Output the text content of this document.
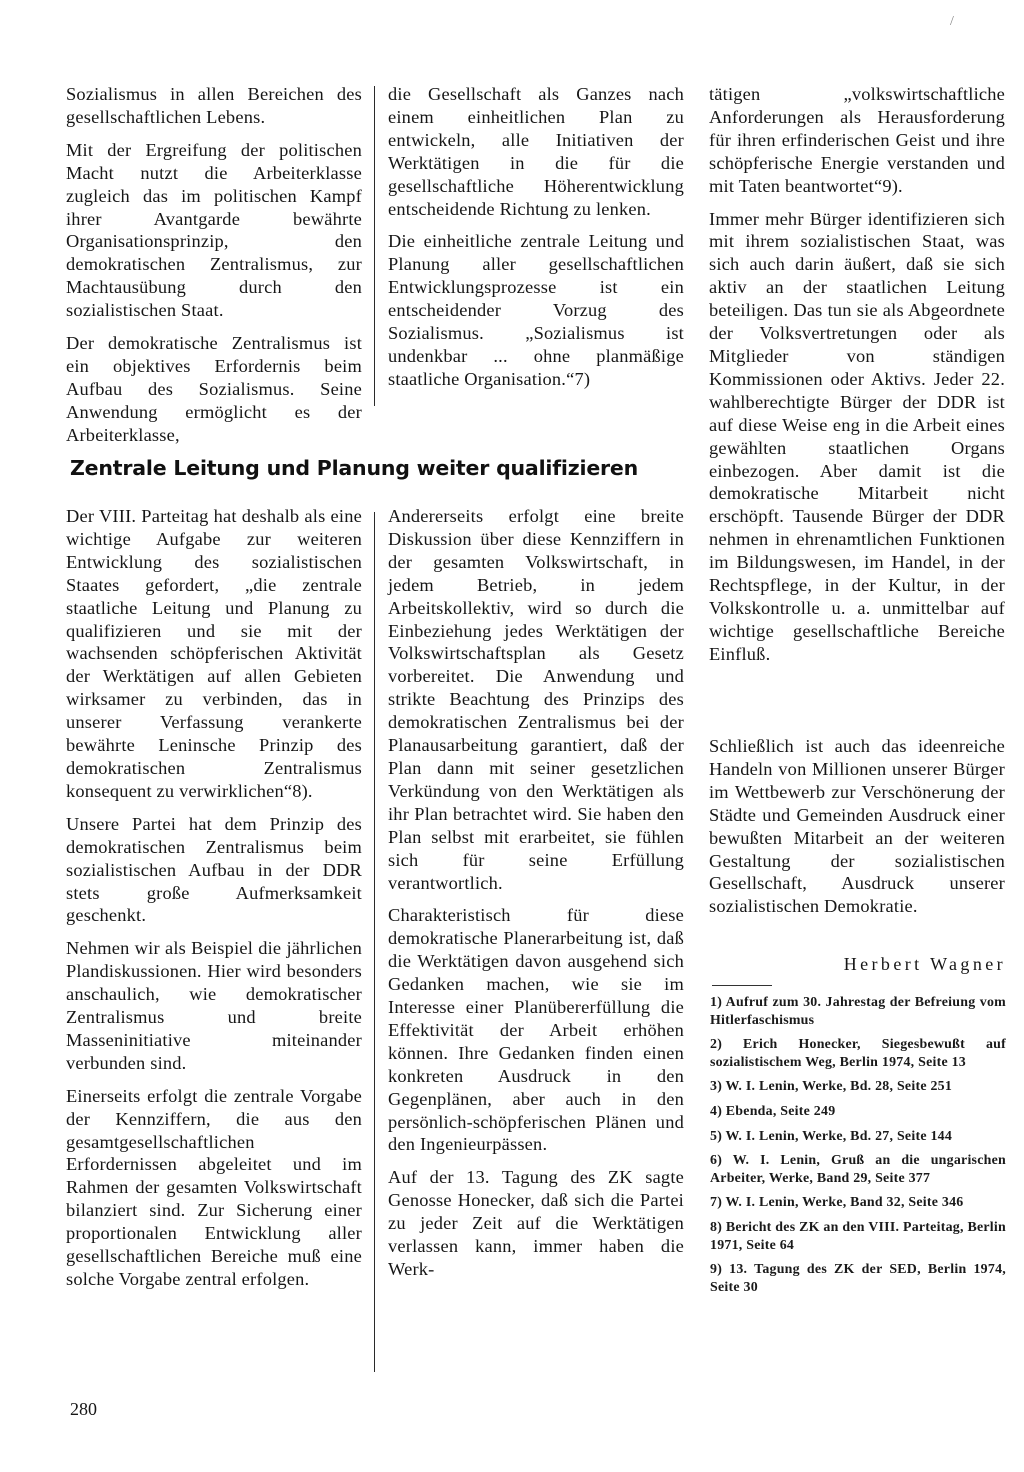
/

Sozialismus in allen Bereichen des gesellschaftlichen Lebens.

Mit der Ergreifung der politischen Macht nutzt die Arbeiterklasse zugleich das im politischen Kampf ihrer Avantgarde bewährte Organisationsprinzip, den demokratischen Zentralismus, zur Machtausübung durch den sozialistischen Staat.

Der demokratische Zentralismus ist ein objektives Erfordernis beim Aufbau des Sozialismus. Seine Anwendung ermöglicht es der Arbeiterklasse,

die Gesellschaft als Ganzes nach einem einheitlichen Plan zu entwickeln, alle Initiativen der Werktätigen in die für die gesellschaftliche Höherentwicklung entscheidende Richtung zu lenken.

Die einheitliche zentrale Leitung und Planung aller gesellschaftlichen Entwicklungsprozesse ist ein entscheidender Vorzug des Sozialismus. „Sozialismus ist undenkbar ... ohne planmäßige staatliche Organisation.“7)

tätigen „volkswirtschaftliche Anforderungen als Herausforderung für ihren erfinderischen Geist und ihre schöpferische Energie verstanden und mit Taten beantwortet“9).

Immer mehr Bürger identifizieren sich mit ihrem sozialistischen Staat, was sich auch darin äußert, daß sie sich aktiv an der staatlichen Leitung beteiligen. Das tun sie als Abgeordnete der Volksvertretungen oder als Mitglieder von ständigen Kommissionen oder Aktivs. Jeder 22. wahlberechtigte Bürger der DDR ist auf diese Weise eng in die Arbeit eines gewählten staatlichen Organs einbezogen. Aber damit ist die demokratische Mitarbeit nicht erschöpft. Tausende Bürger der DDR nehmen in ehrenamtlichen Funktionen im Bildungswesen, im Handel, in der Rechtspflege, in der Kultur, in der Volkskontrolle u. a. unmittelbar auf wichtige gesellschaftliche Bereiche Einfluß.

Zentrale Leitung und Planung weiter qualifizieren

Der VIII. Parteitag hat deshalb als eine wichtige Aufgabe zur weiteren Entwicklung des sozialistischen Staates gefordert, „die zentrale staatliche Leitung und Planung zu qualifizieren und sie mit der wachsenden schöpferischen Aktivität der Werktätigen auf allen Gebieten wirksamer zu verbinden, das in unserer Verfassung verankerte bewährte Leninsche Prinzip des demokratischen Zentralismus konsequent zu verwirklichen“8).

Unsere Partei hat dem Prinzip des demokratischen Zentralismus beim sozialistischen Aufbau in der DDR stets große Aufmerksamkeit geschenkt.

Nehmen wir als Beispiel die jährlichen Plandiskussionen. Hier wird besonders anschaulich, wie demokratischer Zentralismus und breite Masseninitiative miteinander verbunden sind.

Einerseits erfolgt die zentrale Vorgabe der Kennziffern, die aus den gesamtgesellschaftlichen Erfordernissen abgeleitet und im Rahmen der gesamten Volkswirtschaft bilanziert sind. Zur Sicherung einer proportionalen Entwicklung aller gesellschaftlichen Bereiche muß eine solche Vorgabe zentral erfolgen.

Andererseits erfolgt eine breite Diskussion über diese Kennziffern in der gesamten Volkswirtschaft, in jedem Betrieb, in jedem Arbeitskollektiv, wird so durch die Einbeziehung jedes Werktätigen der Volkswirtschaftsplan als Gesetz vorbereitet. Die Anwendung und strikte Beachtung des Prinzips des demokratischen Zentralismus bei der Planausarbeitung garantiert, daß der Plan dann mit seiner gesetzlichen Verkündung von den Werktätigen als ihr Plan betrachtet wird. Sie haben den Plan selbst mit erarbeitet, sie fühlen sich für seine Erfüllung verantwortlich.

Charakteristisch für diese demokratische Planerarbeitung ist, daß die Werktätigen davon ausgehend sich Gedanken machen, wie sie im Interesse einer Planübererfüllung die Effektivität der Arbeit erhöhen können. Ihre Gedanken finden einen konkreten Ausdruck in den Gegenplänen, aber auch in den persönlich-schöpferischen Plänen und den Ingenieurpässen.

Auf der 13. Tagung des ZK sagte Genosse Honecker, daß sich die Partei zu jeder Zeit auf die Werktätigen verlassen kann, immer haben die Werk-

Schließlich ist auch das ideenreiche Handeln von Millionen unserer Bürger im Wettbewerb zur Verschönerung der Städte und Gemeinden Ausdruck einer bewußten Mitarbeit an der weiteren Gestaltung der sozialistischen Gesellschaft, Ausdruck unserer sozialistischen Demokratie.

Herbert Wagner

1) Aufruf zum 30. Jahrestag der Befreiung vom Hitlerfaschismus

2) Erich Honecker, Siegesbewußt auf sozialistischem Weg, Berlin 1974, Seite 13

3) W. I. Lenin, Werke, Bd. 28, Seite 251

4) Ebenda, Seite 249

5) W. I. Lenin, Werke, Bd. 27, Seite 144

6) W. I. Lenin, Gruß an die ungarischen Arbeiter, Werke, Band 29, Seite 377

7) W. I. Lenin, Werke, Band 32, Seite 346

8) Bericht des ZK an den VIII. Parteitag, Berlin 1971, Seite 64

9) 13. Tagung des ZK der SED, Berlin 1974, Seite 30

280
